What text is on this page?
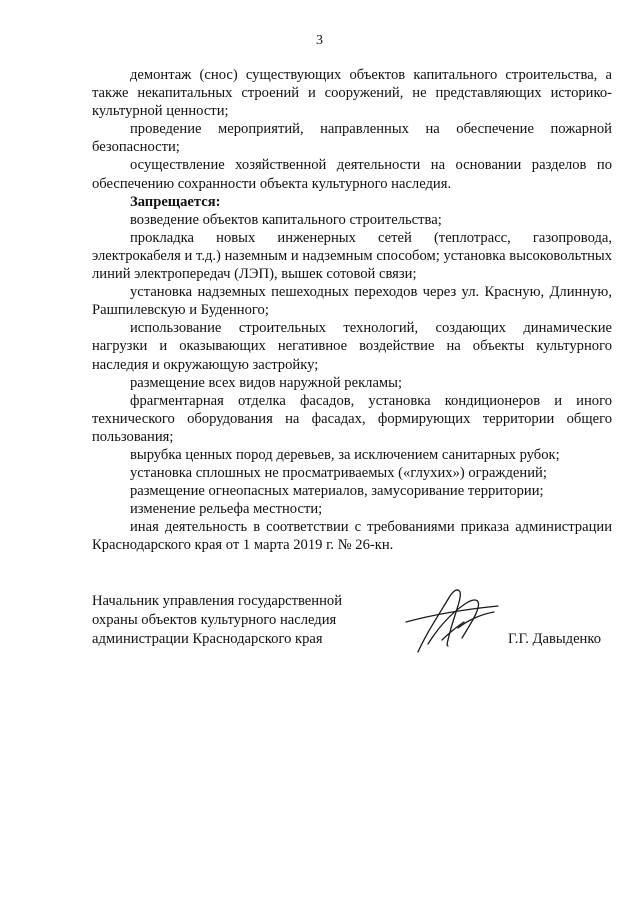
3

демонтаж (снос) существующих объектов капитального строительства, а также некапитальных строений и сооружений, не представляющих историко-культурной ценности;

проведение мероприятий, направленных на обеспечение пожарной безопасности;

осуществление хозяйственной деятельности на основании разделов по обеспечению сохранности объекта культурного наследия.

Запрещается:

возведение объектов капитального строительства;

прокладка новых инженерных сетей (теплотрасс, газопровода, электрокабеля и т.д.) наземным и надземным способом; установка высоковольтных линий электропередач (ЛЭП), вышек сотовой связи;

установка надземных пешеходных переходов через ул. Красную, Длинную, Рашпилевскую и Буденного;

использование строительных технологий, создающих динамические нагрузки и оказывающих негативное воздействие на объекты культурного наследия и окружающую застройку;

размещение всех видов наружной рекламы;

фрагментарная отделка фасадов, установка кондиционеров и иного технического оборудования на фасадах, формирующих территории общего пользования;

вырубка ценных пород деревьев, за исключением санитарных рубок;

установка сплошных не просматриваемых («глухих») ограждений;

размещение огнеопасных материалов, замусоривание территории;

изменение рельефа местности;

иная деятельность в соответствии с требованиями приказа администрации Краснодарского края от 1 марта 2019 г. № 26-кн.

Начальник управления государственной
охраны объектов культурного наследия
администрации Краснодарского края	Г.Г. Давыденко
